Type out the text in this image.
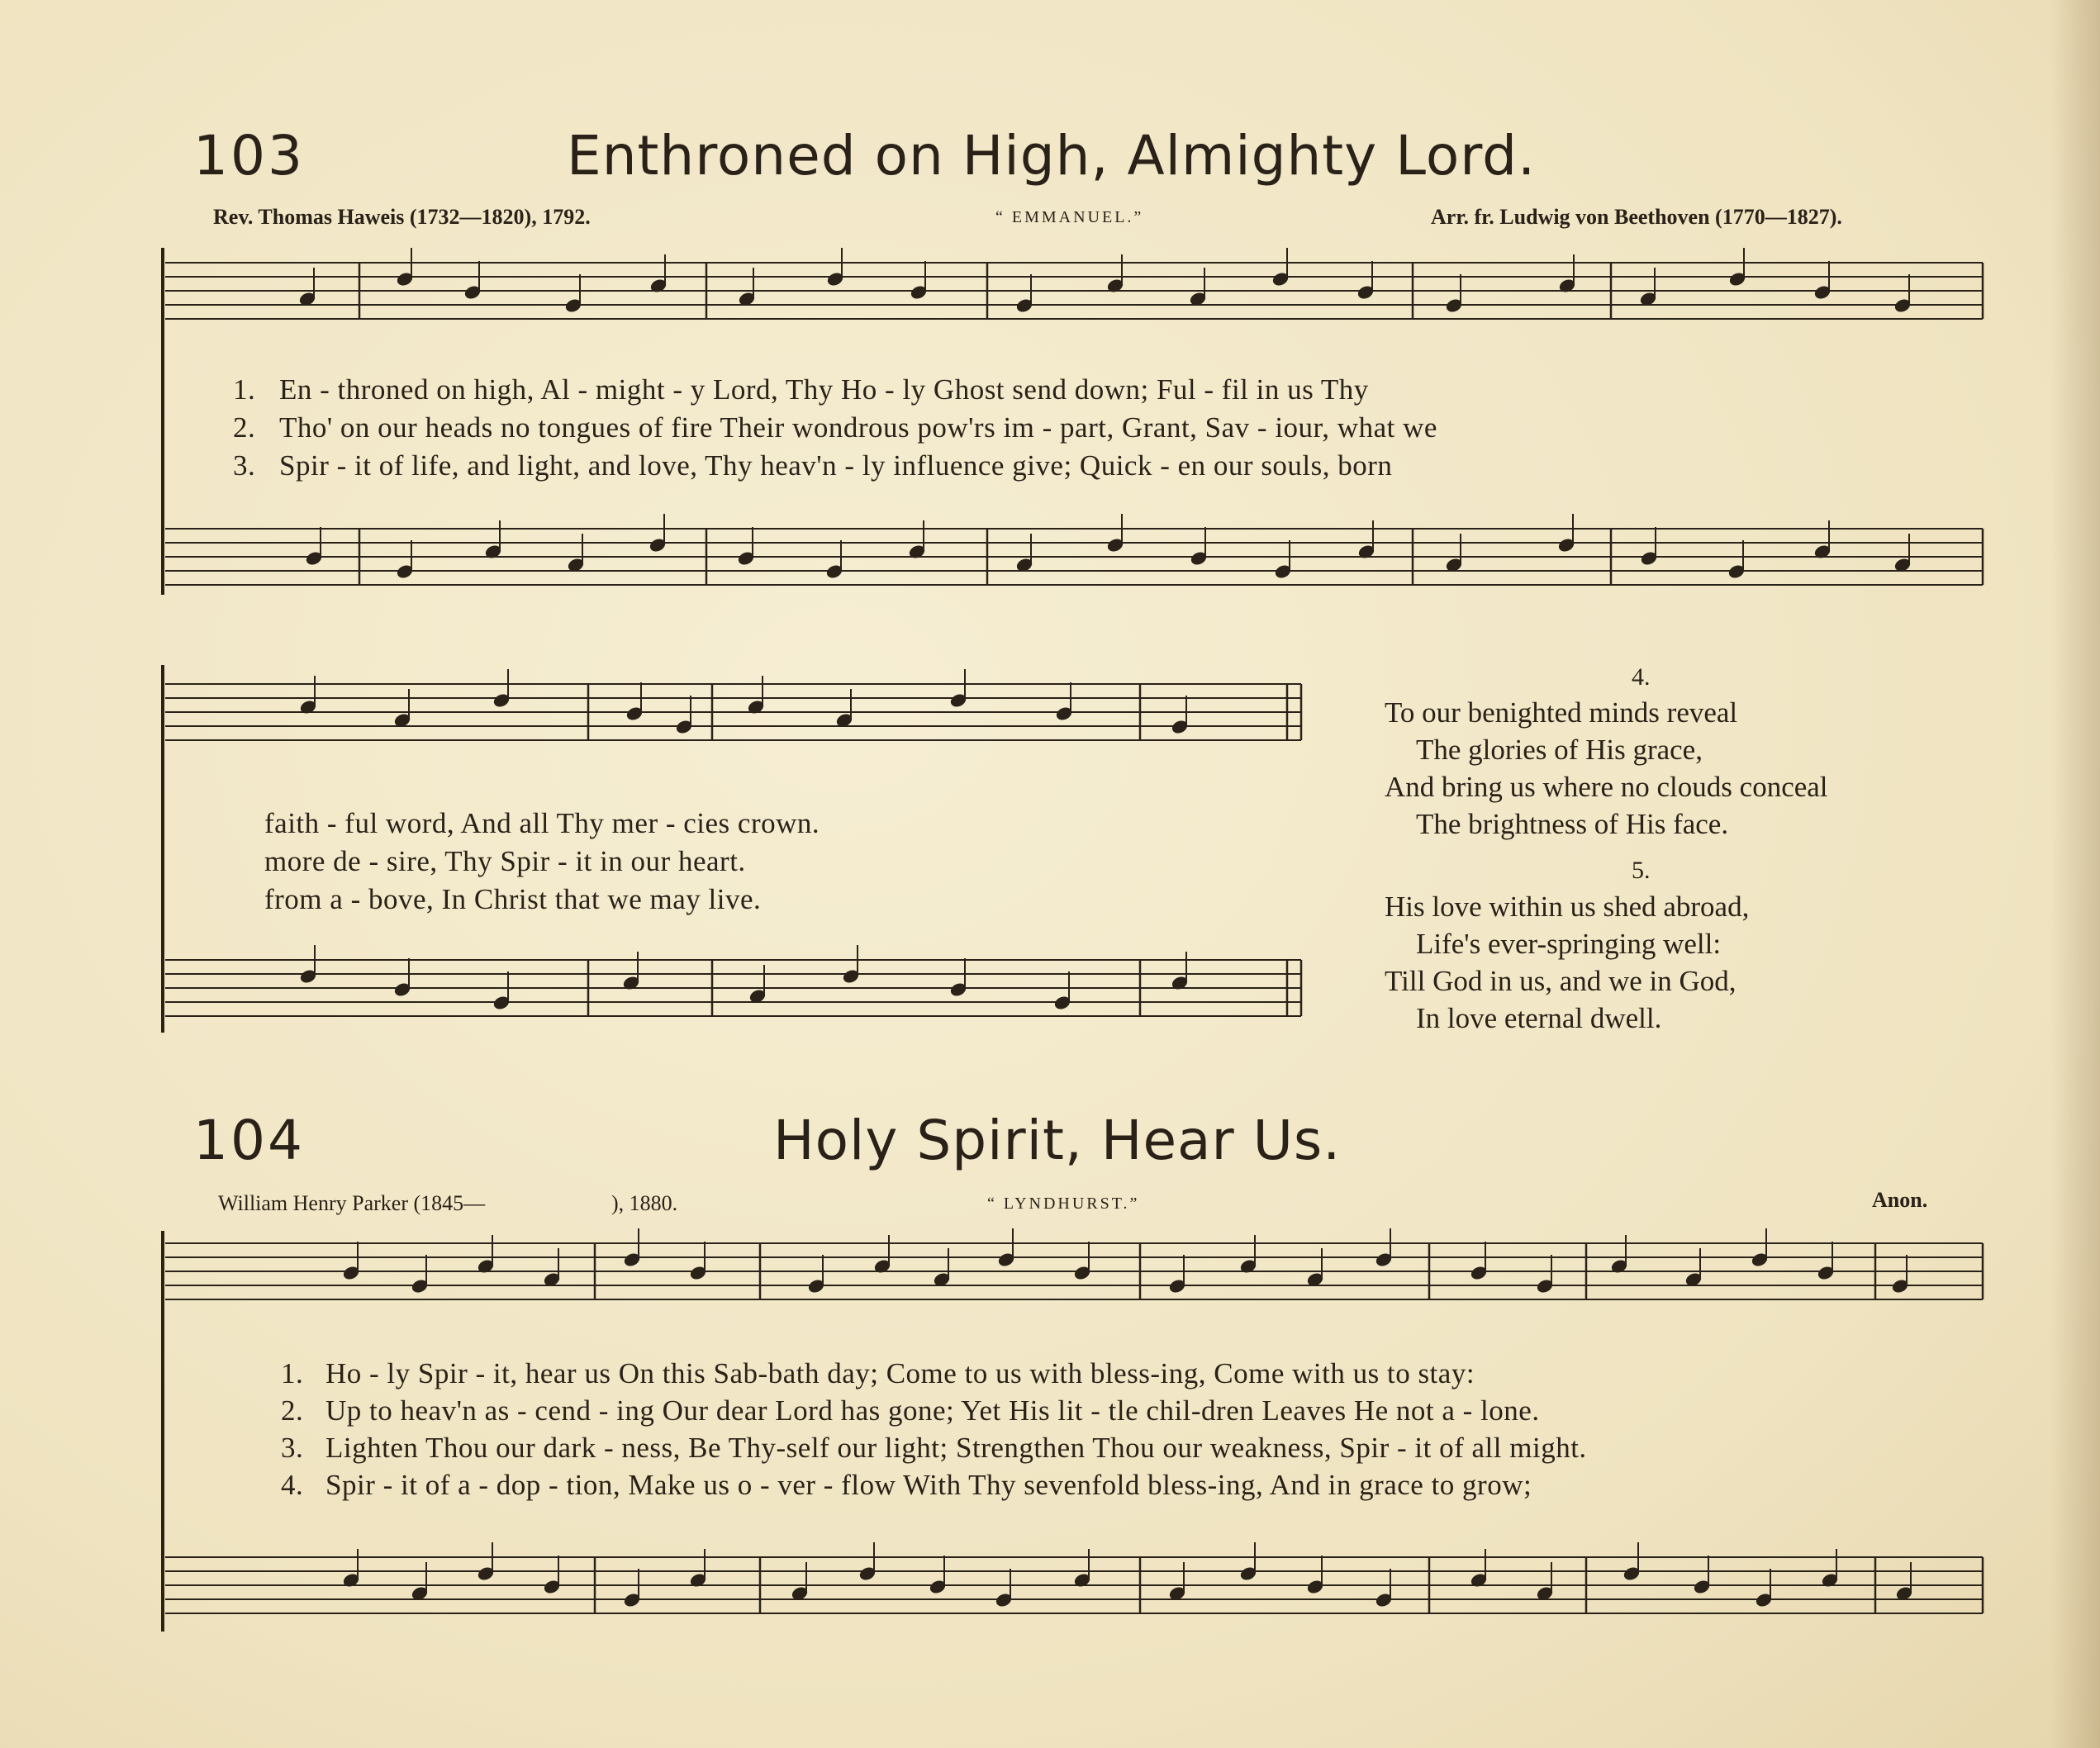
103	Enthroned on High, Almighty Lord.
Rev. Thomas Haweis (1732—1820), 1792.	“ EMMANUEL.”	Arr. fr. Ludwig von Beethoven (1770—1827).
1. En - throned on high, Al - might - y Lord, Thy Ho - ly Ghost send down; Ful - fil in us Thy
2. Tho' on our heads no tongues of fire Their wondrous pow'rs im - part, Grant, Sav - iour, what we
3. Spir - it of life, and light, and love, Thy heav'n - ly influence give; Quick - en our souls, born
faith - ful word, And all Thy mer - cies crown.
more de - sire, Thy Spir - it in our heart.
from a - bove, In Christ that we may live.
4.
To our benighted minds reveal
The glories of His grace,
And bring us where no clouds conceal
The brightness of His face.
5.
His love within us shed abroad,
Life's ever-springing well:
Till God in us, and we in God,
In love eternal dwell.
104	Holy Spirit, Hear Us.
William Henry Parker (1845—	), 1880.	“ LYNDHURST.”	Anon.
1. Ho - ly Spir - it, hear us On this Sab-bath day; Come to us with bless-ing, Come with us to stay:
2. Up to heav'n as - cend - ing Our dear Lord has gone; Yet His lit - tle chil-dren Leaves He not a - lone.
3. Lighten Thou our dark - ness, Be Thy-self our light; Strengthen Thou our weakness, Spir - it of all might.
4. Spir - it of a - dop - tion, Make us o - ver - flow With Thy sevenfold bless-ing, And in grace to grow;
